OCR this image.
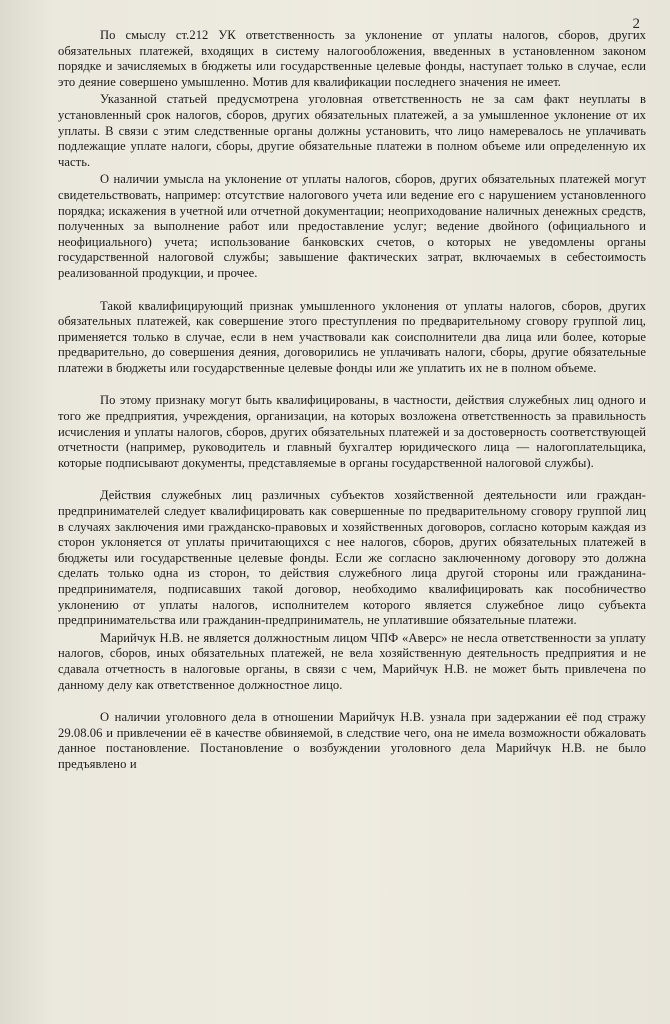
2

По смыслу ст.212 УК ответственность за уклонение от уплаты налогов, сборов, других обязательных платежей, входящих в систему налогообложения, введенных в установленном законом порядке и зачисляемых в бюджеты или государственные целевые фонды, наступает только в случае, если это деяние совершено умышленно. Мотив для квалификации последнего значения не имеет.

Указанной статьей предусмотрена уголовная ответственность не за сам факт неуплаты в установленный срок налогов, сборов, других обязательных платежей, а за умышленное уклонение от их уплаты. В связи с этим следственные органы должны установить, что лицо намеревалось не уплачивать подлежащие уплате налоги, сборы, другие обязательные платежи в полном объеме или определенную их часть.

О наличии умысла на уклонение от уплаты налогов, сборов, других обязательных платежей могут свидетельствовать, например: отсутствие налогового учета или ведение его с нарушением установленного порядка; искажения в учетной или отчетной документации; неоприходование наличных денежных средств, полученных за выполнение работ или предоставление услуг; ведение двойного (официального и неофициального) учета; использование банковских счетов, о которых не уведомлены органы государственной налоговой службы; завышение фактических затрат, включаемых в себестоимость реализованной продукции, и прочее.

Такой квалифицирующий признак умышленного уклонения от уплаты налогов, сборов, других обязательных платежей, как совершение этого преступления по предварительному сговору группой лиц, применяется только в случае, если в нем участвовали как соисполнители два лица или более, которые предварительно, до совершения деяния, договорились не уплачивать налоги, сборы, другие обязательные платежи в бюджеты или государственные целевые фонды или же уплатить их не в полном объеме.

По этому признаку могут быть квалифицированы, в частности, действия служебных лиц одного и того же предприятия, учреждения, организации, на которых возложена ответственность за правильность исчисления и уплаты налогов, сборов, других обязательных платежей и за достоверность соответствующей отчетности (например, руководитель и главный бухгалтер юридического лица — налогоплательщика, которые подписывают документы, представляемые в органы государственной налоговой службы).

Действия служебных лиц различных субъектов хозяйственной деятельности или граждан-предпринимателей следует квалифицировать как совершенные по предварительному сговору группой лиц в случаях заключения ими гражданско-правовых и хозяйственных договоров, согласно которым каждая из сторон уклоняется от уплаты причитающихся с нее налогов, сборов, других обязательных платежей в бюджеты или государственные целевые фонды. Если же согласно заключенному договору это должна сделать только одна из сторон, то действия служебного лица другой стороны или гражданина-предпринимателя, подписавших такой договор, необходимо квалифицировать как пособничество уклонению от уплаты налогов, исполнителем которого является служебное лицо субъекта предпринимательства или гражданин-предприниматель, не уплатившие обязательные платежи.

Марийчук Н.В. не является должностным лицом ЧПФ «Аверс» не несла ответственности за уплату налогов, сборов, иных обязательных платежей, не вела хозяйственную деятельность предприятия и не сдавала отчетность в налоговые органы, в связи с чем, Марийчук Н.В. не может быть привлечена по данному делу как ответственное должностное лицо.

О наличии уголовного дела в отношении Марийчук Н.В. узнала при задержании её под стражу 29.08.06 и привлечении её в качестве обвиняемой, в следствие чего, она не имела возможности обжаловать данное постановление. Постановление о возбуждении уголовного дела Марийчук Н.В. не было предъявлено и
